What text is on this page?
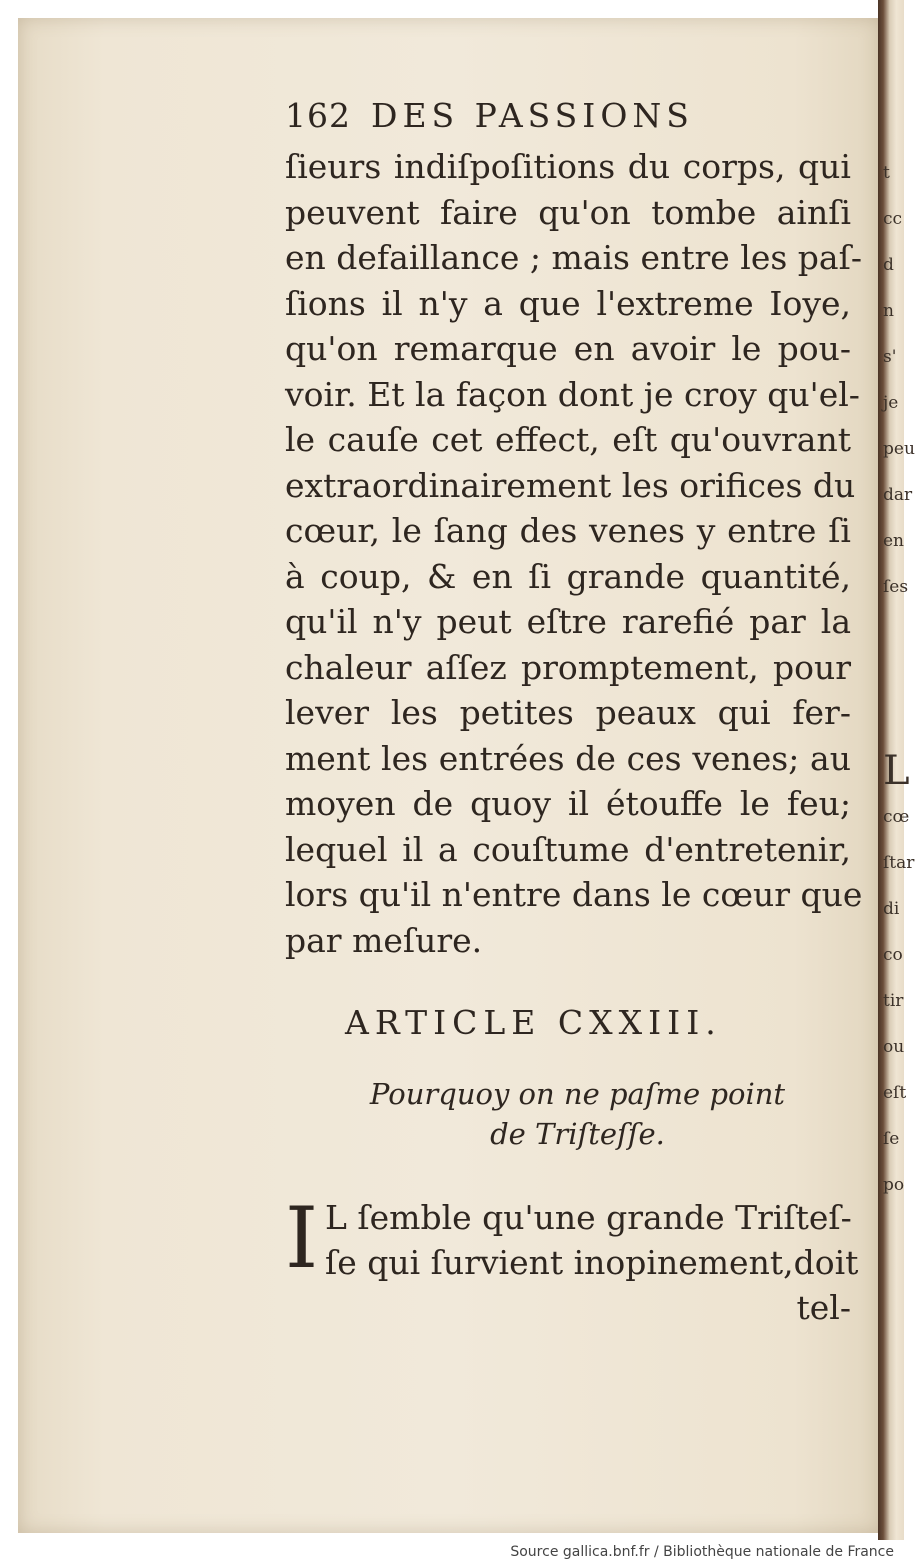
t
cc
d
n
s'
je
peu
dar
en
ſes
L
cœ
ſtar
di
co
tir
ou
eſt
ſe
po
162 DES PASSIONS
ſieurs indiſpoſitions du corps, qui
peuvent faire qu'on tombe ainſi
en defaillance ; mais entre les paſ-
ſions il n'y a que l'extreme Ioye,
qu'on remarque en avoir le pou-
voir. Et la façon dont je croy qu'el-
le cauſe cet effect, eſt qu'ouvrant
extraordinairement les orifices du
cœur, le ſang des venes y entre ſi
à coup, & en ſi grande quantité,
qu'il n'y peut eſtre rarefié par la
chaleur aſſez promptement, pour
lever les petites peaux qui fer-
ment les entrées de ces venes; au
moyen de quoy il étouffe le feu;
lequel il a couſtume d'entretenir,
lors qu'il n'entre dans le cœur que
par meſure.
ARTICLE CXXIII.
Pourquoy on ne paſme point
de Triſteſſe.
I L ſemble qu'une grande Triſteſ-
ſe qui ſurvient inopinement,doit
tel-
Source gallica.bnf.fr / Bibliothèque nationale de France
